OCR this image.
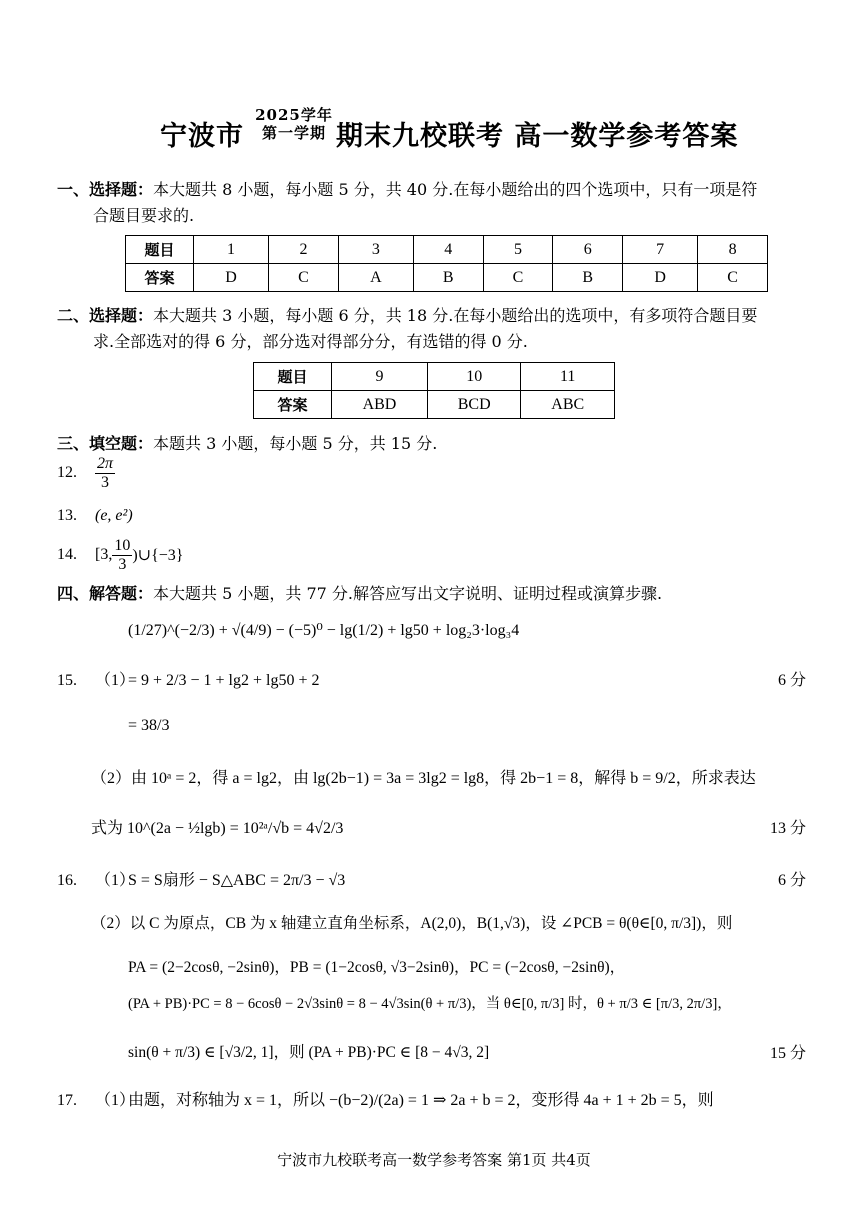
宁波市
2025学年
第一学期 期末九校联考 高一数学参考答案
一、选择题：本大题共 8 小题，每小题 5 分，共 40 分.在每小题给出的四个选项中，只有一项是符
合题目要求的.
题目	1	2	3	4	5	6	7	8
答案	D	C	A	B	C	B	D	C
二、选择题：本大题共 3 小题，每小题 6 分，共 18 分.在每小题给出的选项中，有多项符合题目要
求.全部选对的得 6 分，部分选对得部分分，有选错的得 0 分.
题目	9	10	11
答案	ABD	BCD	ABC
三、填空题：本题共 3 小题，每小题 5 分，共 15 分.
12. $\frac{2\pi}{3}$
13. (e, e²)
14. [3, $\frac{10}{3}$ )∪{−3}
四、解答题：本大题共 5 小题，共 77 分.解答应写出文字说明、证明过程或演算步骤.
(1/27)^(−2/3) + √(4/9) − (−5)⁰ − lg(1/2) + lg50 + log₂3·log₃4
15. （1）= 9 + 2/3 − 1 + lg2 + lg50 + 2	6 分
= 38/3
（2）由 10ᵃ = 2，得 a = lg2，由 lg(2b−1) = 3a = 3lg2 = lg8，得 2b−1 = 8，解得 b = 9/2，所求表达
式为 10^(2a − ½lgb) = 10²ᵃ/√b = 4√2/3	13 分
16. （1）S = S扇形 − S△ABC = 2π/3 − √3	6 分
（2）以 C 为原点，CB 为 x 轴建立直角坐标系，A(2,0)，B(1,√3)，设 ∠PCB = θ(θ∈[0, π/3])，则
PA = (2−2cosθ, −2sinθ)，PB = (1−2cosθ, √3−2sinθ)，PC = (−2cosθ, −2sinθ)，
(PA + PB)·PC = 8 − 6cosθ − 2√3sinθ = 8 − 4√3sin(θ + π/3)，当 θ∈[0, π/3] 时，θ + π/3 ∈ [π/3, 2π/3]，
sin(θ + π/3) ∈ [√3/2, 1]，则 (PA + PB)·PC ∈ [8 − 4√3, 2]	15 分
17. （1）由题，对称轴为 x = 1，所以 −(b−2)/(2a) = 1 ⇒ 2a + b = 2，变形得 4a + 1 + 2b = 5，则
宁波市九校联考高一数学参考答案 第1页 共4页
